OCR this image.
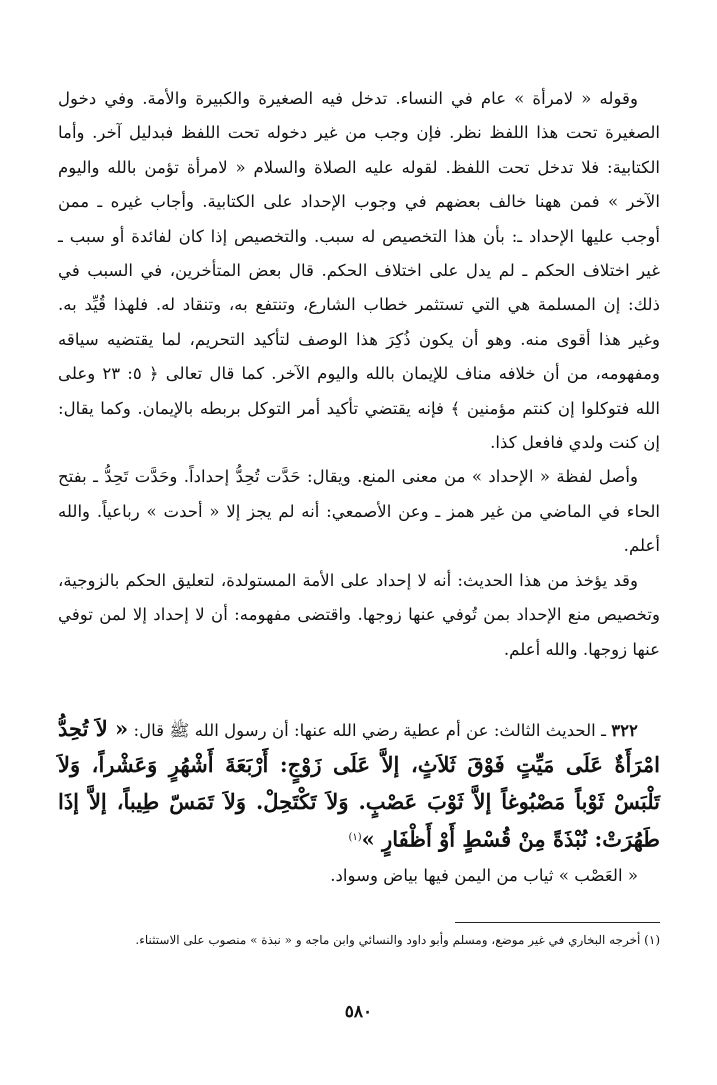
وقوله « لامرأة » عام في النساء. تدخل فيه الصغيرة والكبيرة والأمة. وفي دخول الصغيرة تحت هذا اللفظ نظر. فإن وجب من غير دخوله تحت اللفظ فبدليل آخر. وأما الكتابية: فلا تدخل تحت اللفظ. لقوله عليه الصلاة والسلام « لامرأة تؤمن بالله واليوم الآخر » فمن ههنا خالف بعضهم في وجوب الإحداد على الكتابية. وأجاب غيره ـ ممن أوجب عليها الإحداد ـ: بأن هذا التخصيص له سبب. والتخصيص إذا كان لفائدة أو سبب ـ غير اختلاف الحكم ـ لم يدل على اختلاف الحكم. قال بعض المتأخرين، في السبب في ذلك: إن المسلمة هي التي تستثمر خطاب الشارع، وتنتفع به، وتنقاد له. فلهذا قُيِّد به. وغير هذا أقوى منه. وهو أن يكون ذُكِرَ هذا الوصف لتأكيد التحريم، لما يقتضيه سياقه ومفهومه، من أن خلافه مناف للإيمان بالله واليوم الآخر. كما قال تعالى ﴿ ٥: ٢٣ وعلى الله فتوكلوا إن كنتم مؤمنين ﴾ فإنه يقتضي تأكيد أمر التوكل بربطه بالإيمان. وكما يقال: إن كنت ولدي فافعل كذا.

وأصل لفظة « الإحداد » من معنى المنع. ويقال: حَدَّت تُحِدُّ إحداداً. وحَدَّت تَحِدُّ ـ بفتح الحاء في الماضي من غير همز ـ وعن الأصمعي: أنه لم يجز إلا « أحدت » رباعياً. والله أعلم.

وقد يؤخذ من هذا الحديث: أنه لا إحداد على الأمة المستولدة، لتعليق الحكم بالزوجية، وتخصيص منع الإحداد بمن تُوفي عنها زوجها. واقتضى مفهومه: أن لا إحداد إلا لمن توفي عنها زوجها. والله أعلم.

٣٢٢ ـ الحديث الثالث: عن أم عطية رضي الله عنها: أن رسول الله ﷺ قال: « لاَ تُحِدُّ امْرَأَةٌ عَلَى مَيِّتٍ فَوْقَ ثَلاَثٍ، إلاَّ عَلَى زَوْجٍ: أَرْبَعَةَ أَشْهُرٍ وَعَشْراً، وَلاَ تَلْبَسْ ثَوْباً مَصْبُوغاً إلاَّ ثَوْبَ عَصْبٍ. وَلاَ تَكْتَحِلْ. وَلاَ تَمَسّ طِيباً، إلاَّ إذَا طَهُرَتْ: نُبْذَةً مِنْ قُسْطٍ أَوْ أَظْفَارٍ »$^{(١)}$

« العَصْب » ثياب من اليمن فيها بياض وسواد.

(١) أخرجه البخاري في غير موضع، ومسلم وأبو داود والنسائي وابن ماجه و « نبذة » منصوب على الاستثناء.

٥٨٠
